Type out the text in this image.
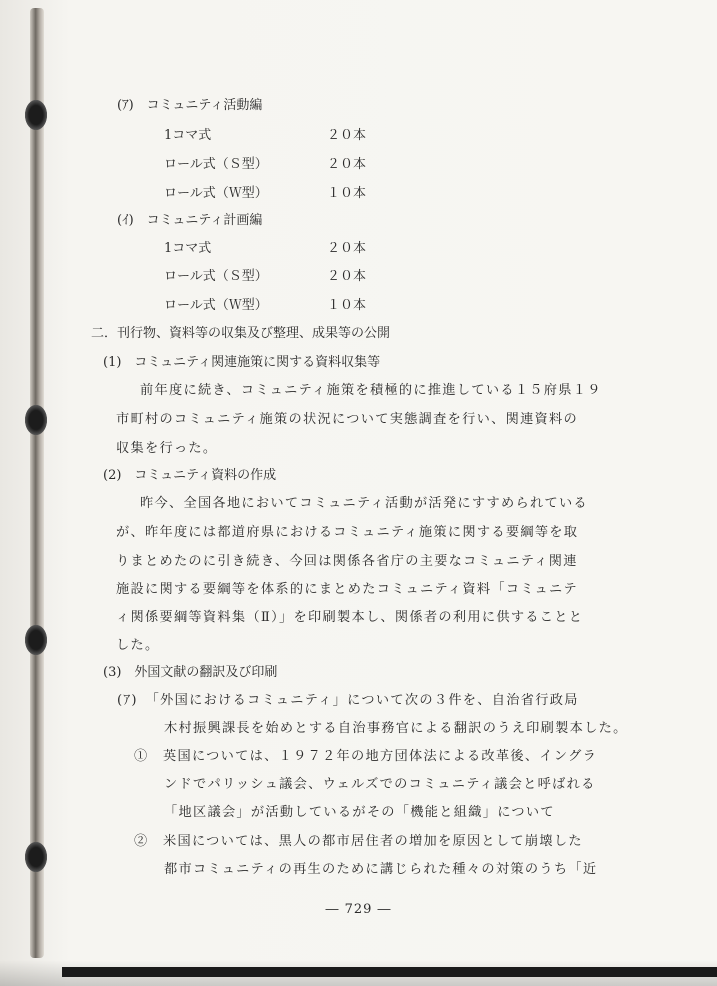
(ｱ)　コミュニティ活動編
1コマ式	２０本
ロール式（Ｓ型）	２０本
ロール式（Ｗ型）	１０本
(ｲ)　コミュニティ計画編
1コマ式	２０本
ロール式（Ｓ型）	２０本
ロール式（Ｗ型）	１０本
二．刊行物、資料等の収集及び整理、成果等の公開
(1)　コミュニティ関連施策に関する資料収集等
前年度に続き、コミュニティ施策を積極的に推進している１５府県１９
市町村のコミュニティ施策の状況について実態調査を行い、関連資料の
収集を行った。
(2)　コミュニティ資料の作成
昨今、全国各地においてコミュニティ活動が活発にすすめられている
が、昨年度には都道府県におけるコミュニティ施策に関する要綱等を取
りまとめたのに引き続き、今回は関係各省庁の主要なコミュニティ関連
施設に関する要綱等を体系的にまとめたコミュニティ資料「コミュニテ
ィ関係要綱等資料集（Ⅱ）」を印刷製本し、関係者の利用に供することと
した。
(3)　外国文献の翻訳及び印刷
(ｱ)　「外国におけるコミュニティ」について次の３件を、自治省行政局
木村振興課長を始めとする自治事務官による翻訳のうえ印刷製本した。
①　英国については、１９７２年の地方団体法による改革後、イングラ
ンドでパリッシュ議会、ウェルズでのコミュニティ議会と呼ばれる
「地区議会」が活動しているがその「機能と組織」について
②　米国については、黒人の都市居住者の増加を原因として崩壊した
都市コミュニティの再生のために講じられた種々の対策のうち「近
― 729 ―
